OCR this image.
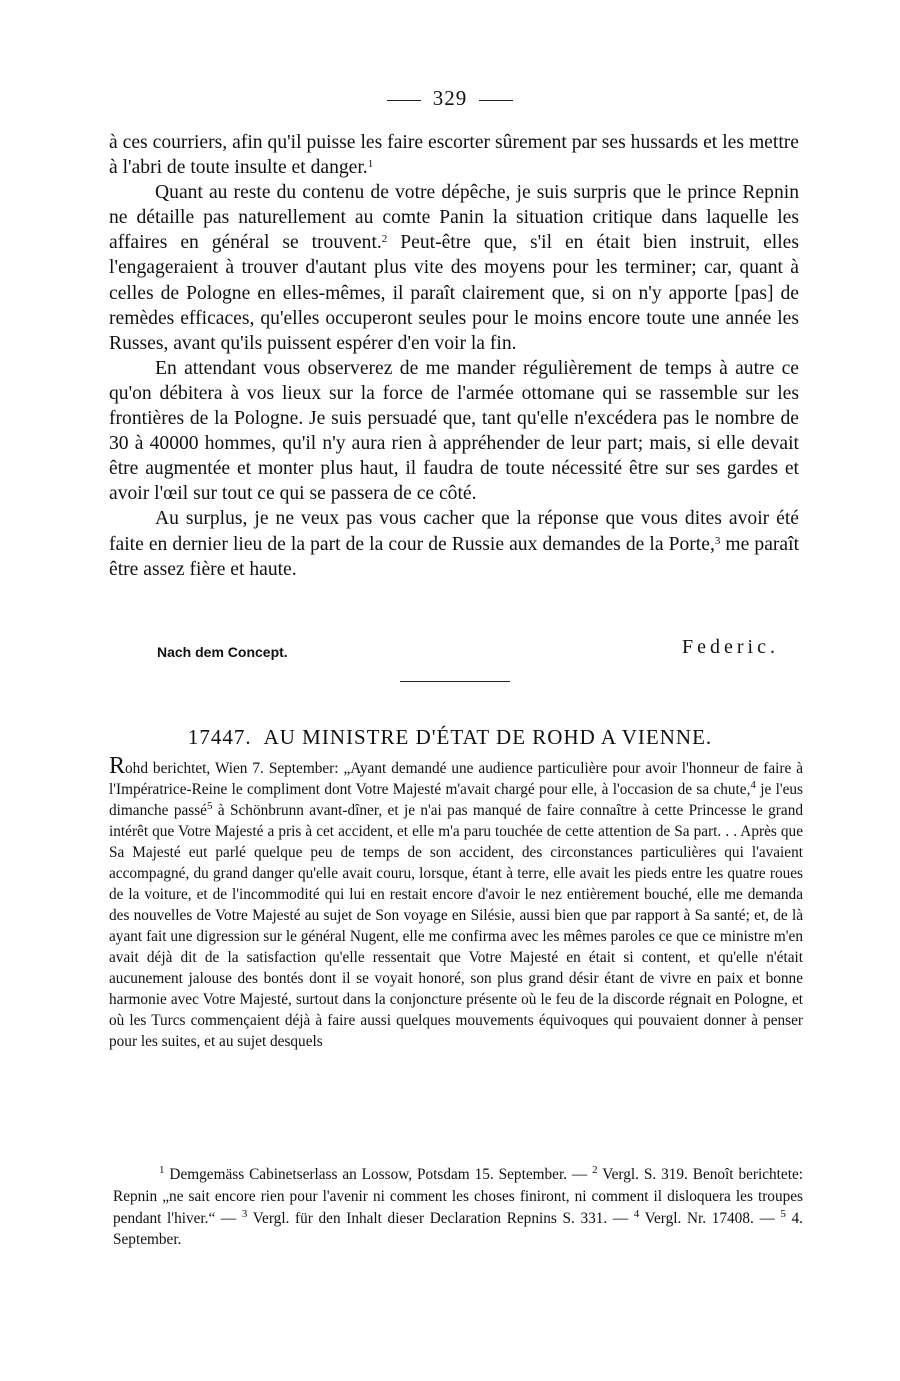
329

à ces courriers, afin qu'il puisse les faire escorter sûrement par ses hussards et les mettre à l'abri de toute insulte et danger.$^1$

Quant au reste du contenu de votre dépêche, je suis surpris que le prince Repnin ne détaille pas naturellement au comte Panin la situation critique dans laquelle les affaires en général se trouvent.$^2$ Peut-être que, s'il en était bien instruit, elles l'engageraient à trouver d'autant plus vite des moyens pour les terminer; car, quant à celles de Pologne en elles-mêmes, il paraît clairement que, si on n'y apporte [pas] de remèdes efficaces, qu'elles occuperont seules pour le moins encore toute une année les Russes, avant qu'ils puissent espérer d'en voir la fin.

En attendant vous observerez de me mander régulièrement de temps à autre ce qu'on débitera à vos lieux sur la force de l'armée ottomane qui se rassemble sur les frontières de la Pologne. Je suis persuadé que, tant qu'elle n'excédera pas le nombre de 30 à 40000 hommes, qu'il n'y aura rien à appréhender de leur part; mais, si elle devait être augmentée et monter plus haut, il faudra de toute nécessité être sur ses gardes et avoir l'œil sur tout ce qui se passera de ce côté.

Au surplus, je ne veux pas vous cacher que la réponse que vous dites avoir été faite en dernier lieu de la part de la cour de Russie aux demandes de la Porte,$^3$ me paraît être assez fière et haute.

Nach dem Concept.	Federic.
17447. AU MINISTRE D'ÉTAT DE ROHD A VIENNE.
Rohd berichtet, Wien 7. September: „Ayant demandé une audience particulière pour avoir l'honneur de faire à l'Impératrice-Reine le compliment dont Votre Majesté m'avait chargé pour elle, à l'occasion de sa chute,$^4$ je l'eus dimanche passé$^5$ à Schönbrunn avant-dîner, et je n'ai pas manqué de faire connaître à cette Princesse le grand intérêt que Votre Majesté a pris à cet accident, et elle m'a paru touchée de cette attention de Sa part. . . Après que Sa Majesté eut parlé quelque peu de temps de son accident, des circonstances particulières qui l'avaient accompagné, du grand danger qu'elle avait couru, lorsque, étant à terre, elle avait les pieds entre les quatre roues de la voiture, et de l'incommodité qui lui en restait encore d'avoir le nez entièrement bouché, elle me demanda des nouvelles de Votre Majesté au sujet de Son voyage en Silésie, aussi bien que par rapport à Sa santé; et, de là ayant fait une digression sur le général Nugent, elle me confirma avec les mêmes paroles ce que ce ministre m'en avait déjà dit de la satisfaction qu'elle ressentait que Votre Majesté en était si content, et qu'elle n'était aucunement jalouse des bontés dont il se voyait honoré, son plus grand désir étant de vivre en paix et bonne harmonie avec Votre Majesté, surtout dans la conjoncture présente où le feu de la discorde régnait en Pologne, et où les Turcs commençaient déjà à faire aussi quelques mouvements équivoques qui pouvaient donner à penser pour les suites, et au sujet desquels
$^1$ Demgemäss Cabinetserlass an Lossow, Potsdam 15. September. — $^2$ Vergl. S. 319. Benoît berichtete: Repnin „ne sait encore rien pour l'avenir ni comment les choses finiront, ni comment il disloquera les troupes pendant l'hiver.“ — $^3$ Vergl. für den Inhalt dieser Declaration Repnins S. 331. — $^4$ Vergl. Nr. 17408. — $^5$ 4. September.
